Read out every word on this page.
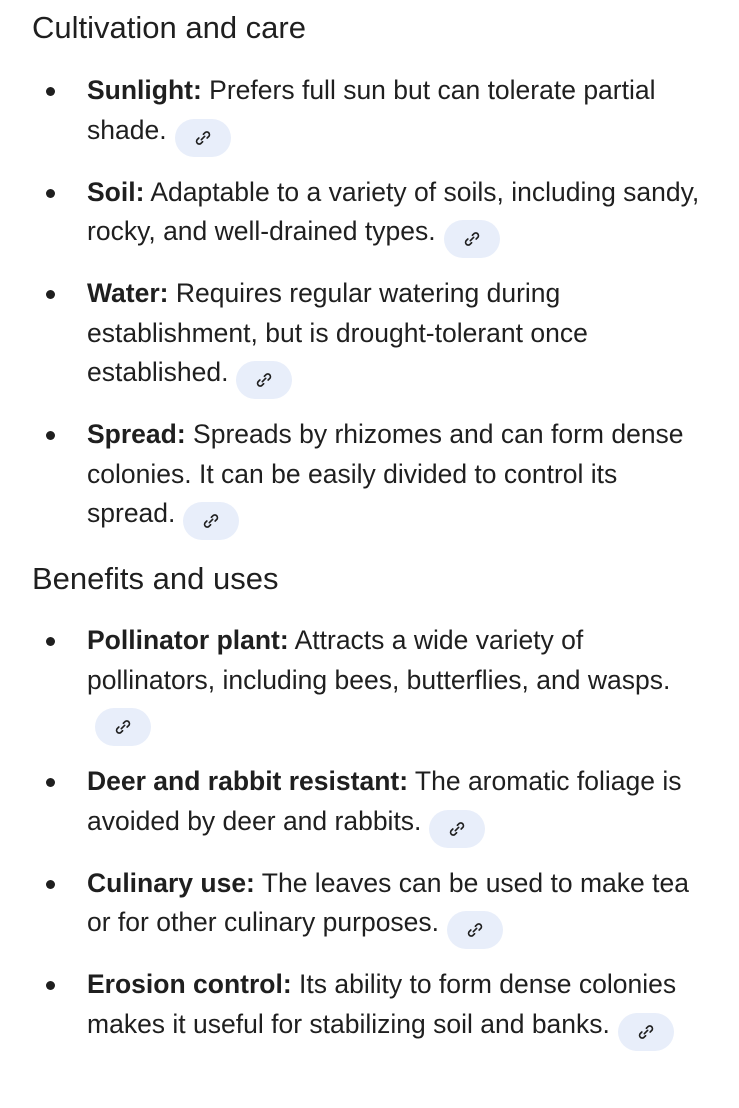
Cultivation and care
Sunlight: Prefers full sun but can tolerate partial shade.
Soil: Adaptable to a variety of soils, including sandy, rocky, and well-drained types.
Water: Requires regular watering during establishment, but is drought-tolerant once established.
Spread: Spreads by rhizomes and can form dense colonies. It can be easily divided to control its spread.
Benefits and uses
Pollinator plant: Attracts a wide variety of pollinators, including bees, butterflies, and wasps.
Deer and rabbit resistant: The aromatic foliage is avoided by deer and rabbits.
Culinary use: The leaves can be used to make tea or for other culinary purposes.
Erosion control: Its ability to form dense colonies makes it useful for stabilizing soil and banks.
